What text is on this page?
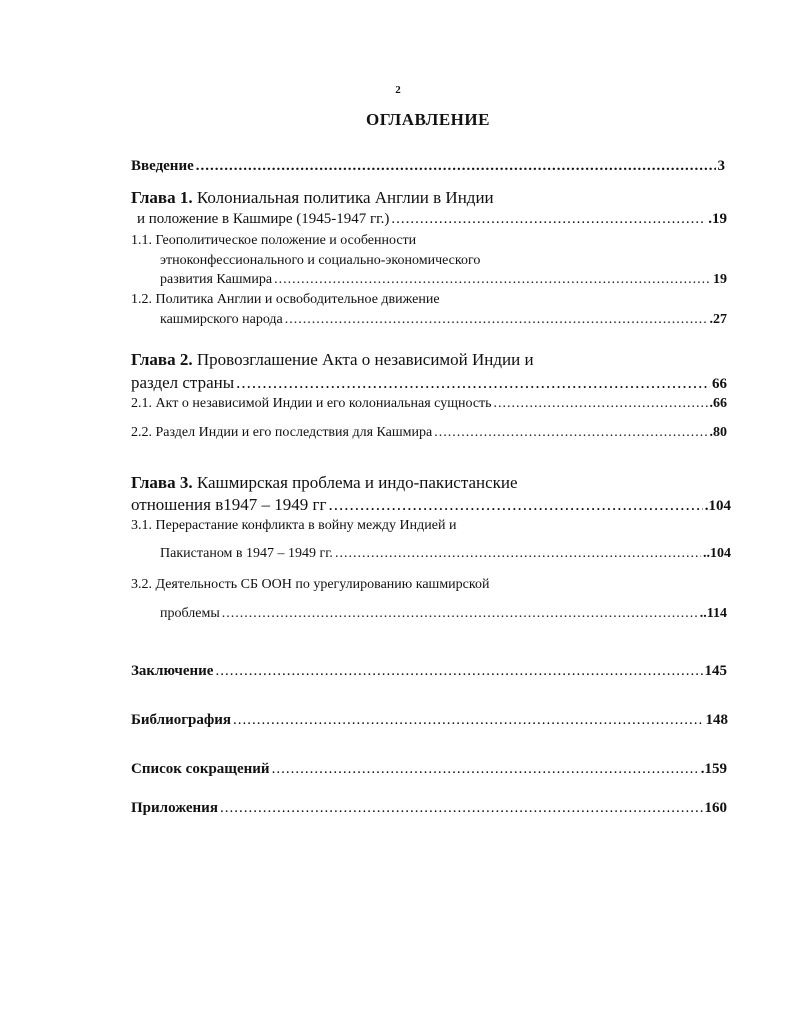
2
ОГЛАВЛЕНИЕ
Введение .....	3
Глава 1. Колониальная политика Англии в Индии
и положение в Кашмире (1945-1947 гг.) .....	.19
1.1. Геополитическое положение и особенности
этноконфессионального и социально-экономического
развития Кашмира .....	19
1.2. Политика Англии и освободительное движение
кашмирского народа .....	.27
Глава 2. Провозглашение Акта о независимой Индии и
раздел страны .....	66
2.1. Акт о независимой Индии и его колониальная сущность .....	.66
2.2. Раздел Индии и его последствия для Кашмира .....	.80
Глава 3. Кашмирская проблема и индо-пакистанские
отношения в1947 – 1949 гг .....	.104
3.1. Перерастание конфликта в войну между Индией и
Пакистаном в 1947 – 1949 гг. .....	..104
3.2. Деятельность СБ ООН по урегулированию кашмирской
проблемы .....	..114
Заключение .....	145
Библиография .....	148
Список сокращений .....	.159
Приложения .....	160
